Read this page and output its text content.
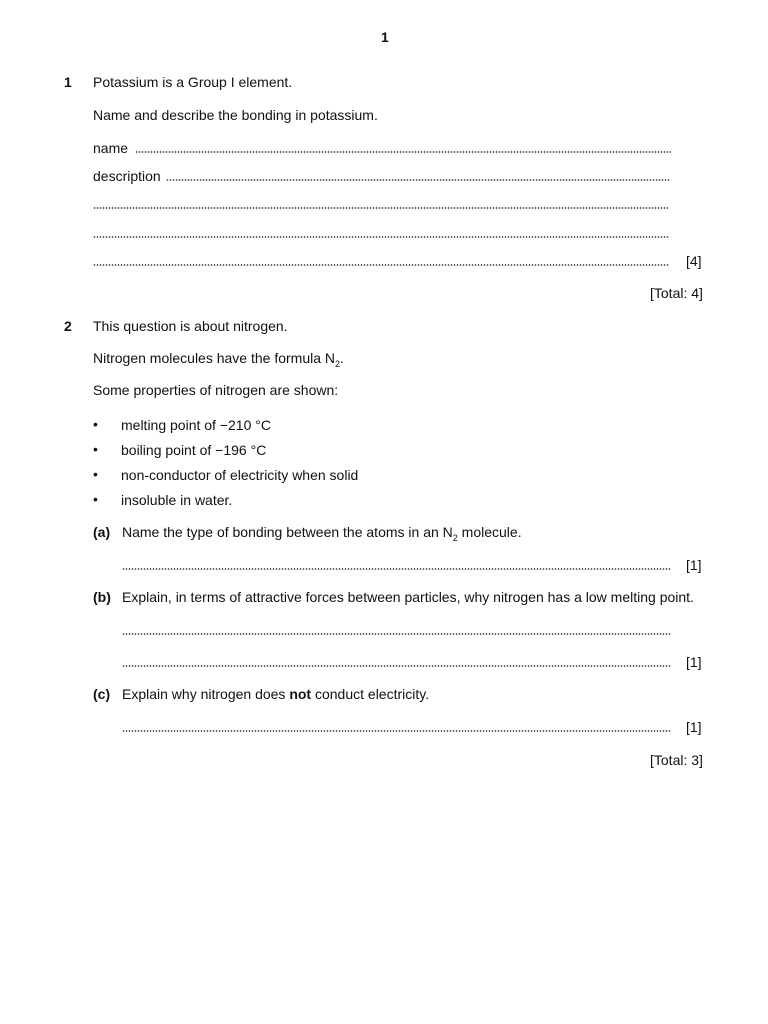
1
1 Potassium is a Group I element.
Name and describe the bonding in potassium.
name
description
[4]
[Total: 4]
2 This question is about nitrogen.
Nitrogen molecules have the formula $N_2$.
Some properties of nitrogen are shown:
• melting point of −210 °C
• boiling point of −196 °C
• non-conductor of electricity when solid
• insoluble in water.
(a) Name the type of bonding between the atoms in an $N_2$ molecule.
[1]
(b) Explain, in terms of attractive forces between particles, why nitrogen has a low melting point.
[1]
(c) Explain why nitrogen does not conduct electricity.
[1]
[Total: 3]
